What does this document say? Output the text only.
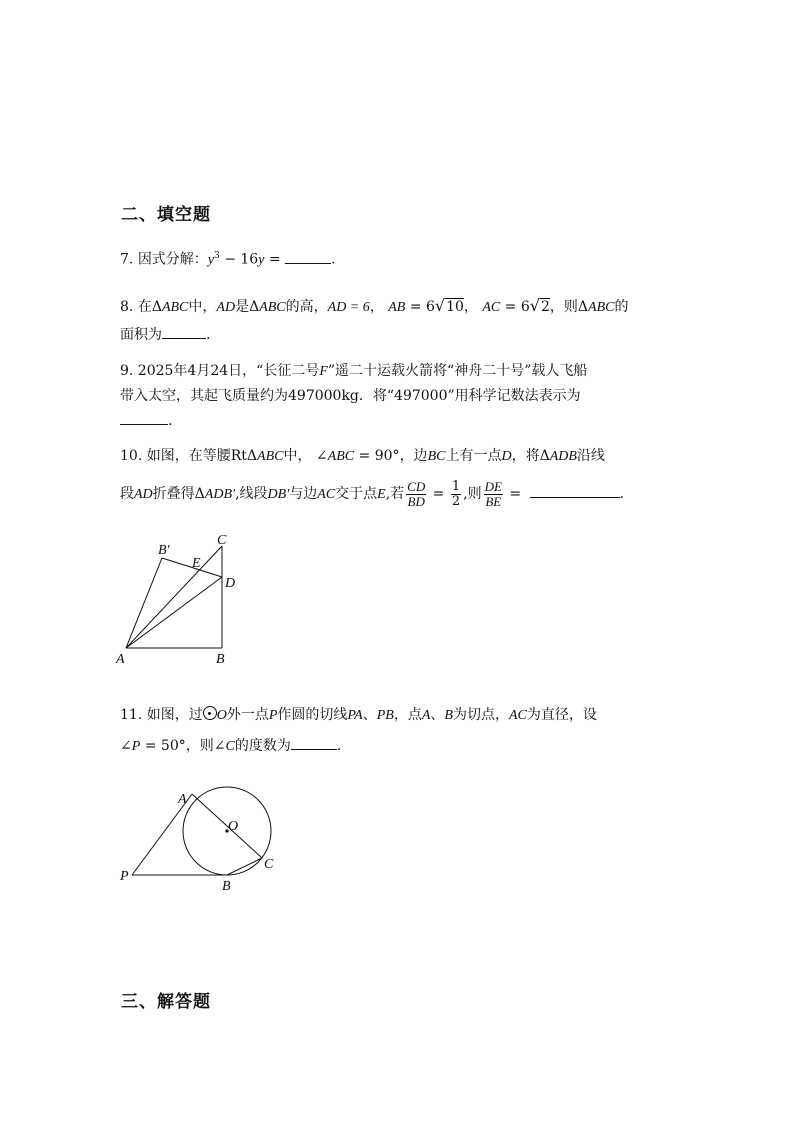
二、填空题
7. 因式分解：$y^3 - 16y$ =	.
8. 在ΔABC中，AD是ΔABC的高，AD = 6， AB = 6√10， AC = 6√2，则ΔABC的
面积为	.
9. 2025年4月24日，“长征二号F”遥二十运载火箭将“神舟二十号”载人飞船
带入太空，其起飞质量约为497000kg．将“497000”用科学记数法表示为
.
10. 如图，在等腰RtΔABC中， ∠ABC = 90°，边BC上有一点D，将ΔADB沿线
段AD折叠得ΔADB′,线段DB′与边AC交于点E,若 $\frac{CD}{BD} = \frac{1}{2}$ ,则 $\frac{DE}{BE}$ =	.
A	B
C
D
E
B′
11. 如图，过 O外一点P作圆的切线PA、PB，点A、B为切点，AC为直径，设
∠P = 50°，则∠C的度数为	.
A
O
C
P
B
三、解答题
